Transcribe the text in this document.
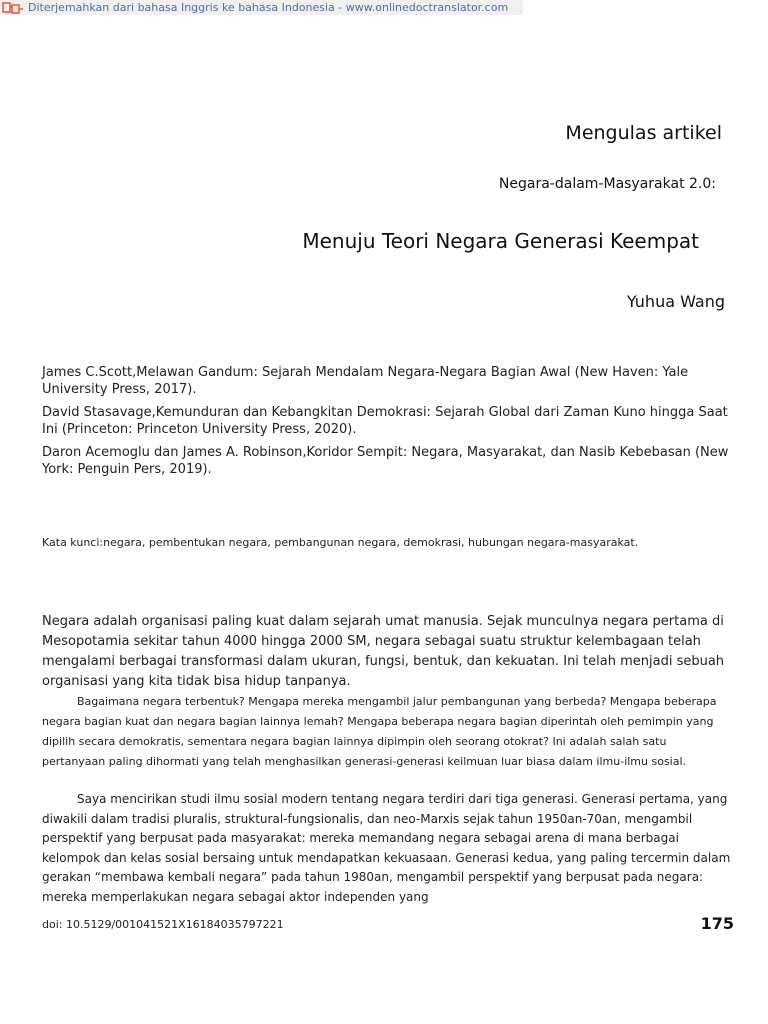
Diterjemahkan dari bahasa Inggris ke bahasa Indonesia - www.onlinedoctranslator.com
Mengulas artikel
Negara-dalam-Masyarakat 2.0:
Menuju Teori Negara Generasi Keempat
Yuhua Wang

James C.Scott,Melawan Gandum: Sejarah Mendalam Negara-Negara Bagian Awal (New Haven: Yale University Press, 2017).

David Stasavage,Kemunduran dan Kebangkitan Demokrasi: Sejarah Global dari Zaman Kuno hingga Saat Ini (Princeton: Princeton University Press, 2020).

Daron Acemoglu dan James A. Robinson,Koridor Sempit: Negara, Masyarakat, dan Nasib Kebebasan (New York: Penguin Pers, 2019).

Kata kunci:negara, pembentukan negara, pembangunan negara, demokrasi, hubungan negara-masyarakat.

Negara adalah organisasi paling kuat dalam sejarah umat manusia. Sejak munculnya negara pertama di Mesopotamia sekitar tahun 4000 hingga 2000 SM, negara sebagai suatu struktur kelembagaan telah mengalami berbagai transformasi dalam ukuran, fungsi, bentuk, dan kekuatan. Ini telah menjadi sebuah organisasi yang kita tidak bisa hidup tanpanya.

Bagaimana negara terbentuk? Mengapa mereka mengambil jalur pembangunan yang berbeda? Mengapa beberapa negara bagian kuat dan negara bagian lainnya lemah? Mengapa beberapa negara bagian diperintah oleh pemimpin yang dipilih secara demokratis, sementara negara bagian lainnya dipimpin oleh seorang otokrat? Ini adalah salah satu pertanyaan paling dihormati yang telah menghasilkan generasi-generasi keilmuan luar biasa dalam ilmu-ilmu sosial.

Saya mencirikan studi ilmu sosial modern tentang negara terdiri dari tiga generasi. Generasi pertama, yang diwakili dalam tradisi pluralis, struktural-fungsionalis, dan neo-Marxis sejak tahun 1950an-70an, mengambil perspektif yang berpusat pada masyarakat: mereka memandang negara sebagai arena di mana berbagai kelompok dan kelas sosial bersaing untuk mendapatkan kekuasaan. Generasi kedua, yang paling tercermin dalam gerakan “membawa kembali negara” pada tahun 1980an, mengambil perspektif yang berpusat pada negara: mereka memperlakukan negara sebagai aktor independen yang

doi: 10.5129/001041521X16184035797221	175
